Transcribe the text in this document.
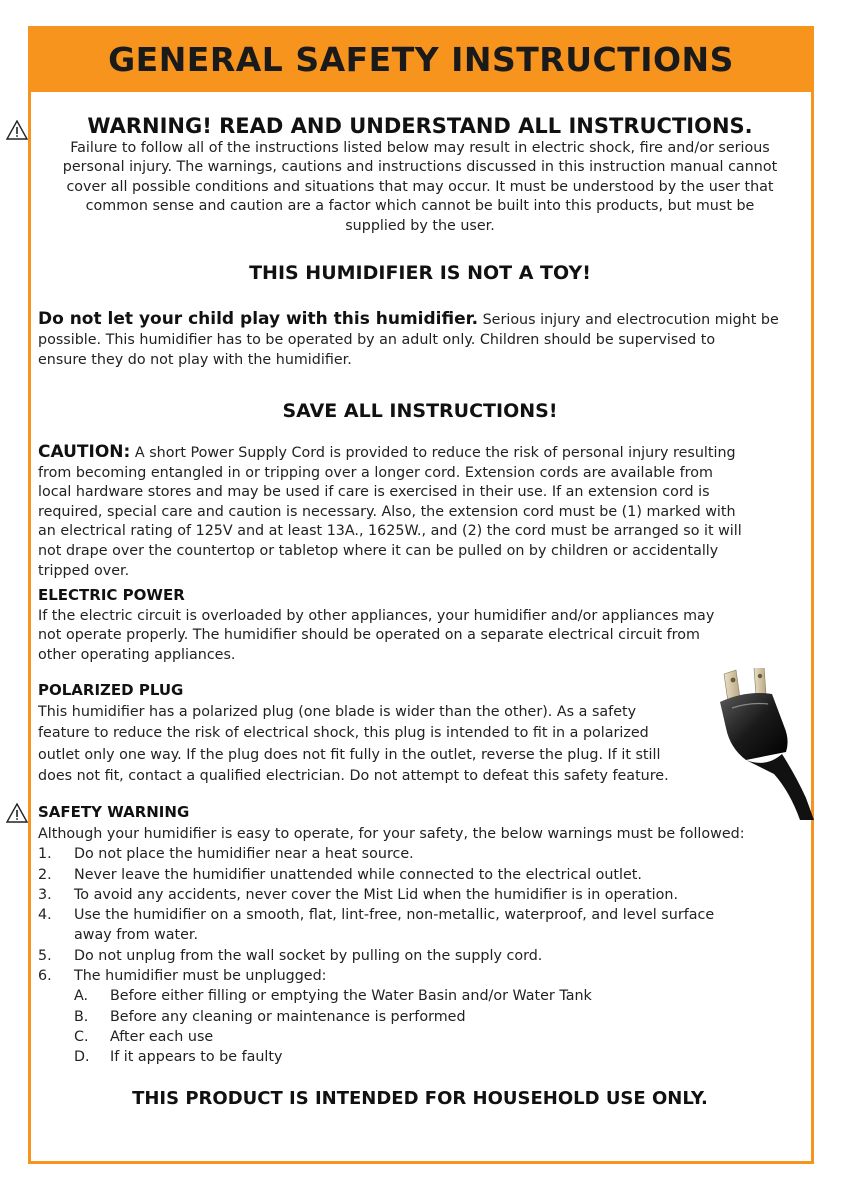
GENERAL SAFETY INSTRUCTIONS
WARNING! READ AND UNDERSTAND ALL INSTRUCTIONS.
Failure to follow all of the instructions listed below may result in electric shock, fire and/or serious
personal injury. The warnings, cautions and instructions discussed in this instruction manual cannot
cover all possible conditions and situations that may occur. It must be understood by the user that
common sense and caution are a factor which cannot be built into this products, but must be
supplied by the user.
THIS HUMIDIFIER IS NOT A TOY!
Do not let your child play with this humidifier. Serious injury and electrocution might be
possible. This humidifier has to be operated by an adult only. Children should be supervised to
ensure they do not play with the humidifier.
SAVE ALL INSTRUCTIONS!
CAUTION: A short Power Supply Cord is provided to reduce the risk of personal injury resulting
from becoming entangled in or tripping over a longer cord. Extension cords are available from
local hardware stores and may be used if care is exercised in their use. If an extension cord is
required, special care and caution is necessary. Also, the extension cord must be (1) marked with
an electrical rating of 125V and at least 13A., 1625W., and (2) the cord must be arranged so it will
not drape over the countertop or tabletop where it can be pulled on by children or accidentally
tripped over.
ELECTRIC POWER
If the electric circuit is overloaded by other appliances, your humidifier and/or appliances may
not operate properly. The humidifier should be operated on a separate electrical circuit from
other operating appliances.
POLARIZED PLUG
This humidifier has a polarized plug (one blade is wider than the other). As a safety
feature to reduce the risk of electrical shock, this plug is intended to fit in a polarized
outlet only one way. If the plug does not fit fully in the outlet, reverse the plug. If it still
does not fit, contact a qualified electrician. Do not attempt to defeat this safety feature.
SAFETY WARNING
Although your humidifier is easy to operate, for your safety, the below warnings must be followed:
1.	Do not place the humidifier near a heat source.
2.	Never leave the humidifier unattended while connected to the electrical outlet.
3.	To avoid any accidents, never cover the Mist Lid when the humidifier is in operation.
4.	Use the humidifier on a smooth, flat, lint-free, non-metallic, waterproof, and level surface
away from water.
5.	Do not unplug from the wall socket by pulling on the supply cord.
6.	The humidifier must be unplugged:
A.	Before either filling or emptying the Water Basin and/or Water Tank
B.	Before any cleaning or maintenance is performed
C.	After each use
D.	If it appears to be faulty
THIS PRODUCT IS INTENDED FOR HOUSEHOLD USE ONLY.
